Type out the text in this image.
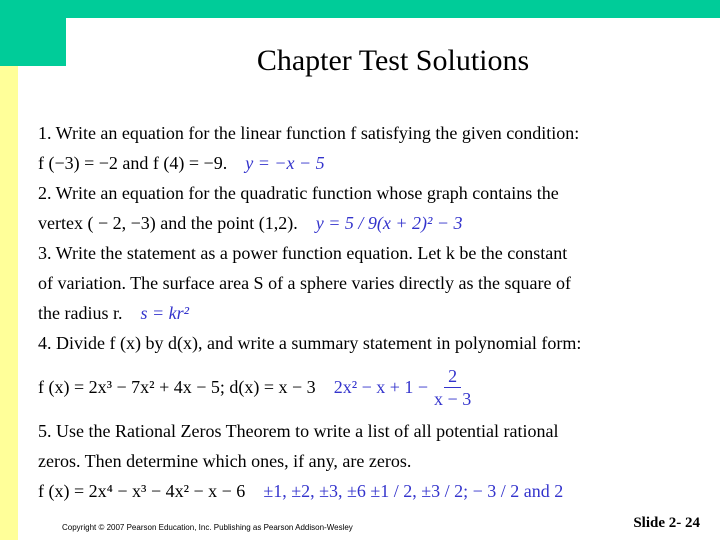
Chapter Test Solutions
1. Write an equation for the linear function f satisfying the given condition:
f (−3) = −2 and f (4) = −9. y = −x − 5
2. Write an equation for the quadratic function whose graph contains the
vertex ( − 2, −3) and the point (1,2). y = 5 / 9(x + 2)² − 3
3. Write the statement as a power function equation. Let k be the constant
of variation. The surface area S of a sphere varies directly as the square of
the radius r. s = kr²
4. Divide f (x) by d(x), and write a summary statement in polynomial form:
f (x) = 2x³ − 7x² + 4x − 5; d(x) = x − 3 $2x^2 - x + 1 - \frac{2}{x - 3}$
5. Use the Rational Zeros Theorem to write a list of all potential rational
zeros. Then determine which ones, if any, are zeros.
f (x) = 2x⁴ − x³ − 4x² − x − 6 ±1, ±2, ±3, ±6 ±1 / 2, ±3 / 2; − 3 / 2 and 2
Copyright © 2007 Pearson Education, Inc. Publishing as Pearson Addison-Wesley	Slide 2- 24
